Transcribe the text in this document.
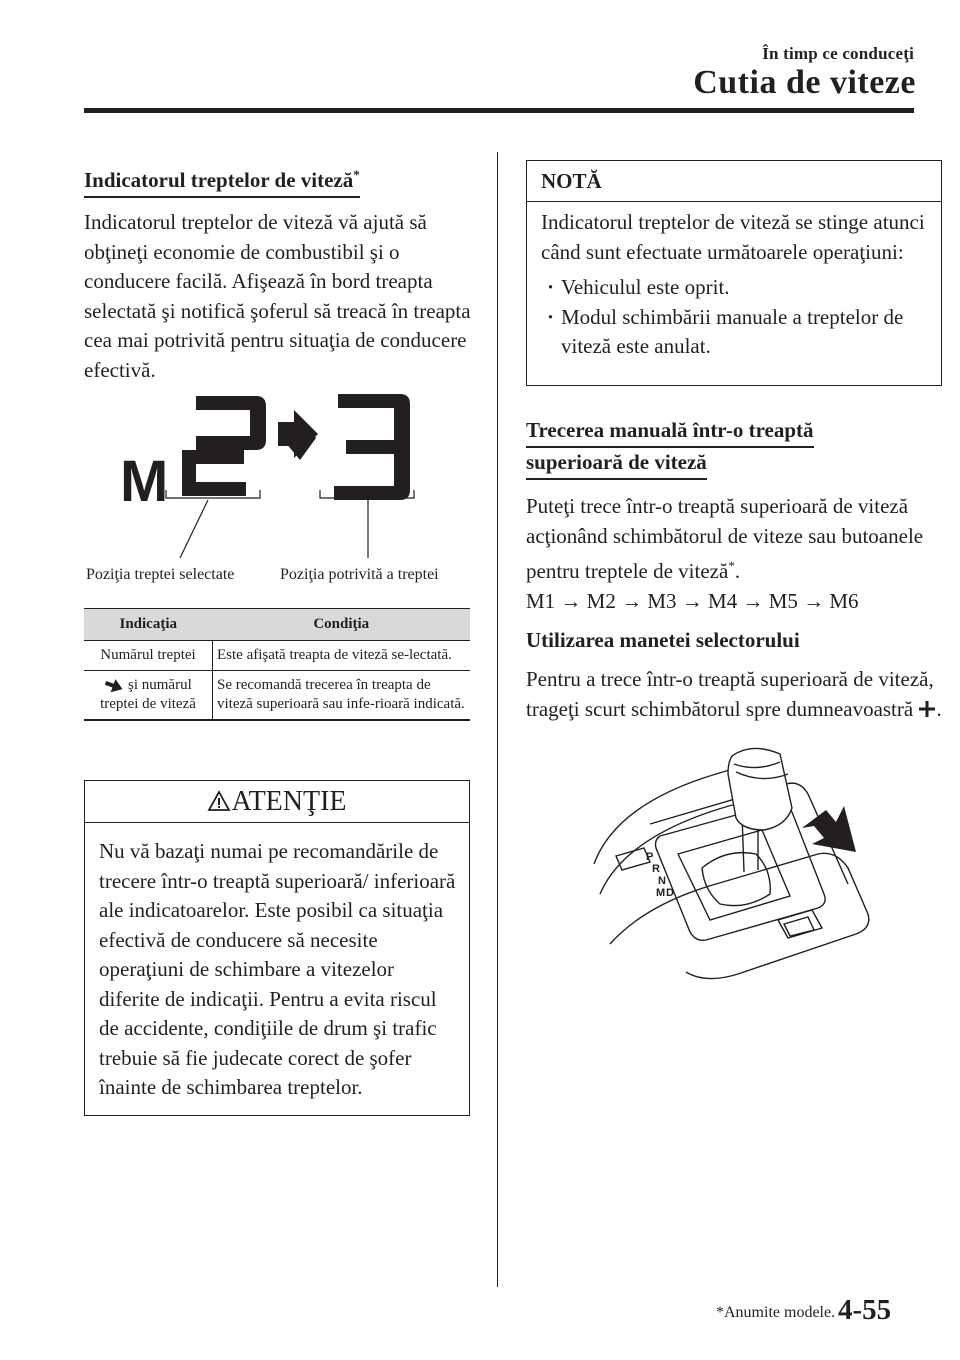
În timp ce conduceţi
Cutia de viteze
Indicatorul treptelor de viteză*
Indicatorul treptelor de viteză vă ajută să obţineţi economie de combustibil şi o conducere facilă. Afişează în bord treapta selectată şi notifică şoferul să treacă în treapta cea mai potrivită pentru situaţia de conducere efectivă.
M
Poziţia treptei selectate	Poziţia potrivită a treptei
Indicaţia	Condiţia
Numărul treptei	Este afişată treapta de viteză se-lectată.
şi numărul treptei de viteză	Se recomandă trecerea în treapta de viteză superioară sau infe-rioară indicată.
ATENŢIE
Nu vă bazaţi numai pe recomandările de trecere într-o treaptă superioară/ inferioară ale indicatoarelor. Este posibil ca situaţia efectivă de conducere să necesite operaţiuni de schimbare a vitezelor diferite de indicaţii. Pentru a evita riscul de accidente, condiţiile de drum şi trafic trebuie să fie judecate corect de şofer înainte de schimbarea treptelor.
NOTĂ
Indicatorul treptelor de viteză se stinge atunci când sunt efectuate următoarele operaţiuni:
· Vehiculul este oprit.
· Modul schimbării manuale a treptelor de viteză este anulat.
Trecerea manuală într-o treaptă
superioară de viteză
Puteţi trece într-o treaptă superioară de viteză acţionând schimbătorul de viteze sau butoanele pentru treptele de viteză*.
M1 → M2 → M3 → M4 → M5 → M6
Utilizarea manetei selectorului
Pentru a trece într-o treaptă superioară de viteză, trageţi scurt schimbătorul spre dumneavoastră .
P
R
N
D
M
*Anumite modele. 4-55
